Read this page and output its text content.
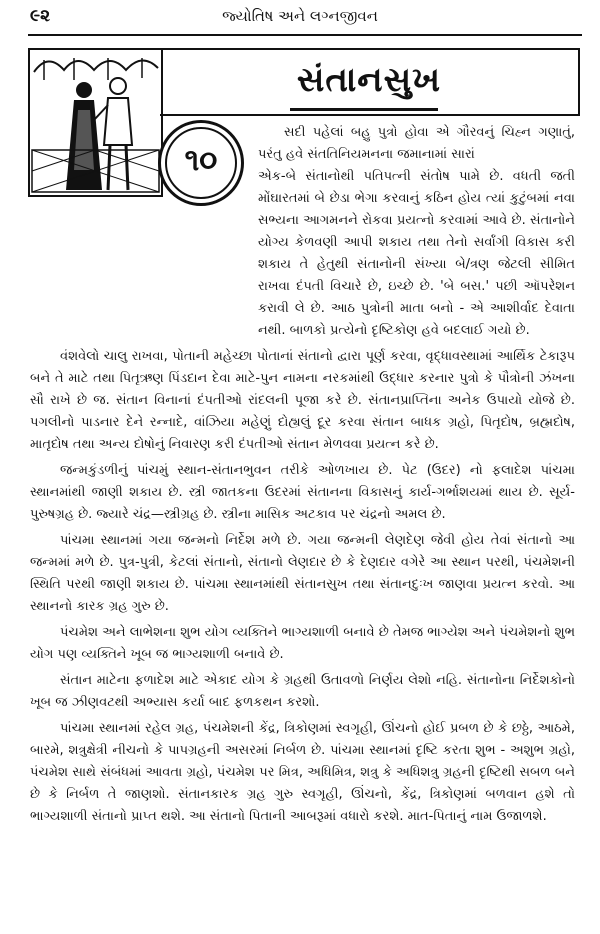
૯૨	જ્યોતિષ અને લગ્નજીવન
સંતાનસુખ
૧૦

સદી પહેલાં બહુ પુત્રો હોવા એ ગૌરવનું ચિહ્ન ગણાતું, પરંતુ હવે સંતતિનિયમનના જમાનામાં સારાં

એક-બે સંતાનોથી પતિપત્ની સંતોષ પામે છે. વધતી જતી મોંઘારતમાં બે છેડા ભેગા કરવાનું કઠિન હોય ત્યાં કુટુંબમાં નવા સભ્યના આગમનને રોકવા પ્રયત્નો કરવામાં આવે છે. સંતાનોને યોગ્ય કેળવણી આપી શકાય તથા તેનો સર્વાંગી વિકાસ કરી શકાય તે હેતુથી સંતાનોની સંખ્યા બે/ત્રણ જેટલી સીમિત રાખવા દંપતી વિચારે છે, ઇચ્છે છે. 'બે બસ.' પછી ઑપરેશન કરાવી લે છે. આઠ પુત્રોની માતા બનો - એ આશીર્વાદ દેવાતા નથી. બાળકો પ્રત્યેનો દૃષ્ટિકોણ હવે બદલાઈ ગયો છે.

વંશવેલો ચાલુ રાખવા, પોતાની મહેચ્છા પોતાનાં સંતાનો દ્વારા પૂર્ણ કરવા, વૃદ્ધાવસ્થામાં આર્થિક ટેકારૂપ બને તે માટે તથા પિતૃઋણ પિંડદાન દેવા માટે-પુન નામના નરકમાંથી ઉદ્ધાર કરનાર પુત્રો કે પૌત્રોની ઝંખના સૌ રાખે છે જ. સંતાન વિનાનાં દંપતીઓ રાંદલની પૂજા કરે છે. સંતાનપ્રાપ્તિના અનેક ઉપાયો યોજે છે. પગલીનો પાડનાર દેને રન્નાદે, વાંઝિયા મહેણું દોહ્યલું દૂર કરવા સંતાન બાધક ગ્રહો, પિતૃદોષ, બ્રહ્મદોષ, માતૃદોષ તથા અન્ય દોષોનું નિવારણ કરી દંપતીઓ સંતાન મેળવવા પ્રયત્ન કરે છે.

જન્મકુંડળીનું પાંચમું સ્થાન-સંતાનભુવન તરીકે ઓળખાય છે. પેટ (ઉદર) નો ફલાદેશ પાંચમા સ્થાનમાંથી જાણી શકાય છે. સ્ત્રી જાતકના ઉદરમાં સંતાનના વિકાસનું કાર્ય-ગર્ભાશયમાં થાય છે. સૂર્ય-પુરુષગ્રહ છે. જ્યારે ચંદ્ર—સ્ત્રીગ્રહ છે. સ્ત્રીના માસિક અટકાવ પર ચંદ્રનો અમલ છે.

પાંચમા સ્થાનમાં ગયા જન્મનો નિર્દેશ મળે છે. ગયા જન્મની લેણદેણ જેવી હોય તેવાં સંતાનો આ જન્મમાં મળે છે. પુત્ર-પુત્રી, કેટલાં સંતાનો, સંતાનો લેણદાર છે કે દેણદાર વગેરે આ સ્થાન પરથી, પંચમેશની સ્થિતિ પરથી જાણી શકાય છે. પાંચમા સ્થાનમાંથી સંતાનસુખ તથા સંતાનદુઃખ જાણવા પ્રયત્ન કરવો. આ સ્થાનનો કારક ગ્રહ ગુરુ છે.

પંચમેશ અને લાભેશના શુભ યોગ વ્યક્તિને ભાગ્યશાળી બનાવે છે તેમજ ભાગ્યેશ અને પંચમેશનો શુભ યોગ પણ વ્યક્તિને ખૂબ જ ભાગ્યશાળી બનાવે છે.

સંતાન માટેના ફળાદેશ માટે એકાદ યોગ કે ગ્રહથી ઉતાવળો નિર્ણય લેશો નહિ. સંતાનોના નિર્દેશકોનો ખૂબ જ ઝીણવટથી અભ્યાસ કર્યા બાદ ફળકથન કરશો.

પાંચમા સ્થાનમાં રહેલ ગ્રહ, પંચમેશની કેંદ્ર, ત્રિકોણમાં સ્વગૃહી, ઊંચનો હોઈ પ્રબળ છે કે છઠ્ઠે, આઠમે, બારમે, શત્રુક્ષેત્રી નીચનો કે પાપગ્રહની અસરમાં નિર્બળ છે. પાંચમા સ્થાનમાં દૃષ્ટિ કરતા શુભ - અશુભ ગ્રહો, પંચમેશ સાથે સંબંધમાં આવતા ગ્રહો, પંચમેશ પર મિત્ર, અધિમિત્ર, શત્રુ કે અધિશત્રુ ગ્રહની દૃષ્ટિથી સબળ બને છે કે નિર્બળ તે જાણશો. સંતાનકારક ગ્રહ ગુરુ સ્વગૃહી, ઊંચનો, કેંદ્ર, ત્રિકોણમાં બળવાન હશે તો ભાગ્યશાળી સંતાનો પ્રાપ્ત થશે. આ સંતાનો પિતાની આબરૂમાં વધારો કરશે. માત-પિતાનું નામ ઉજાળશે.
